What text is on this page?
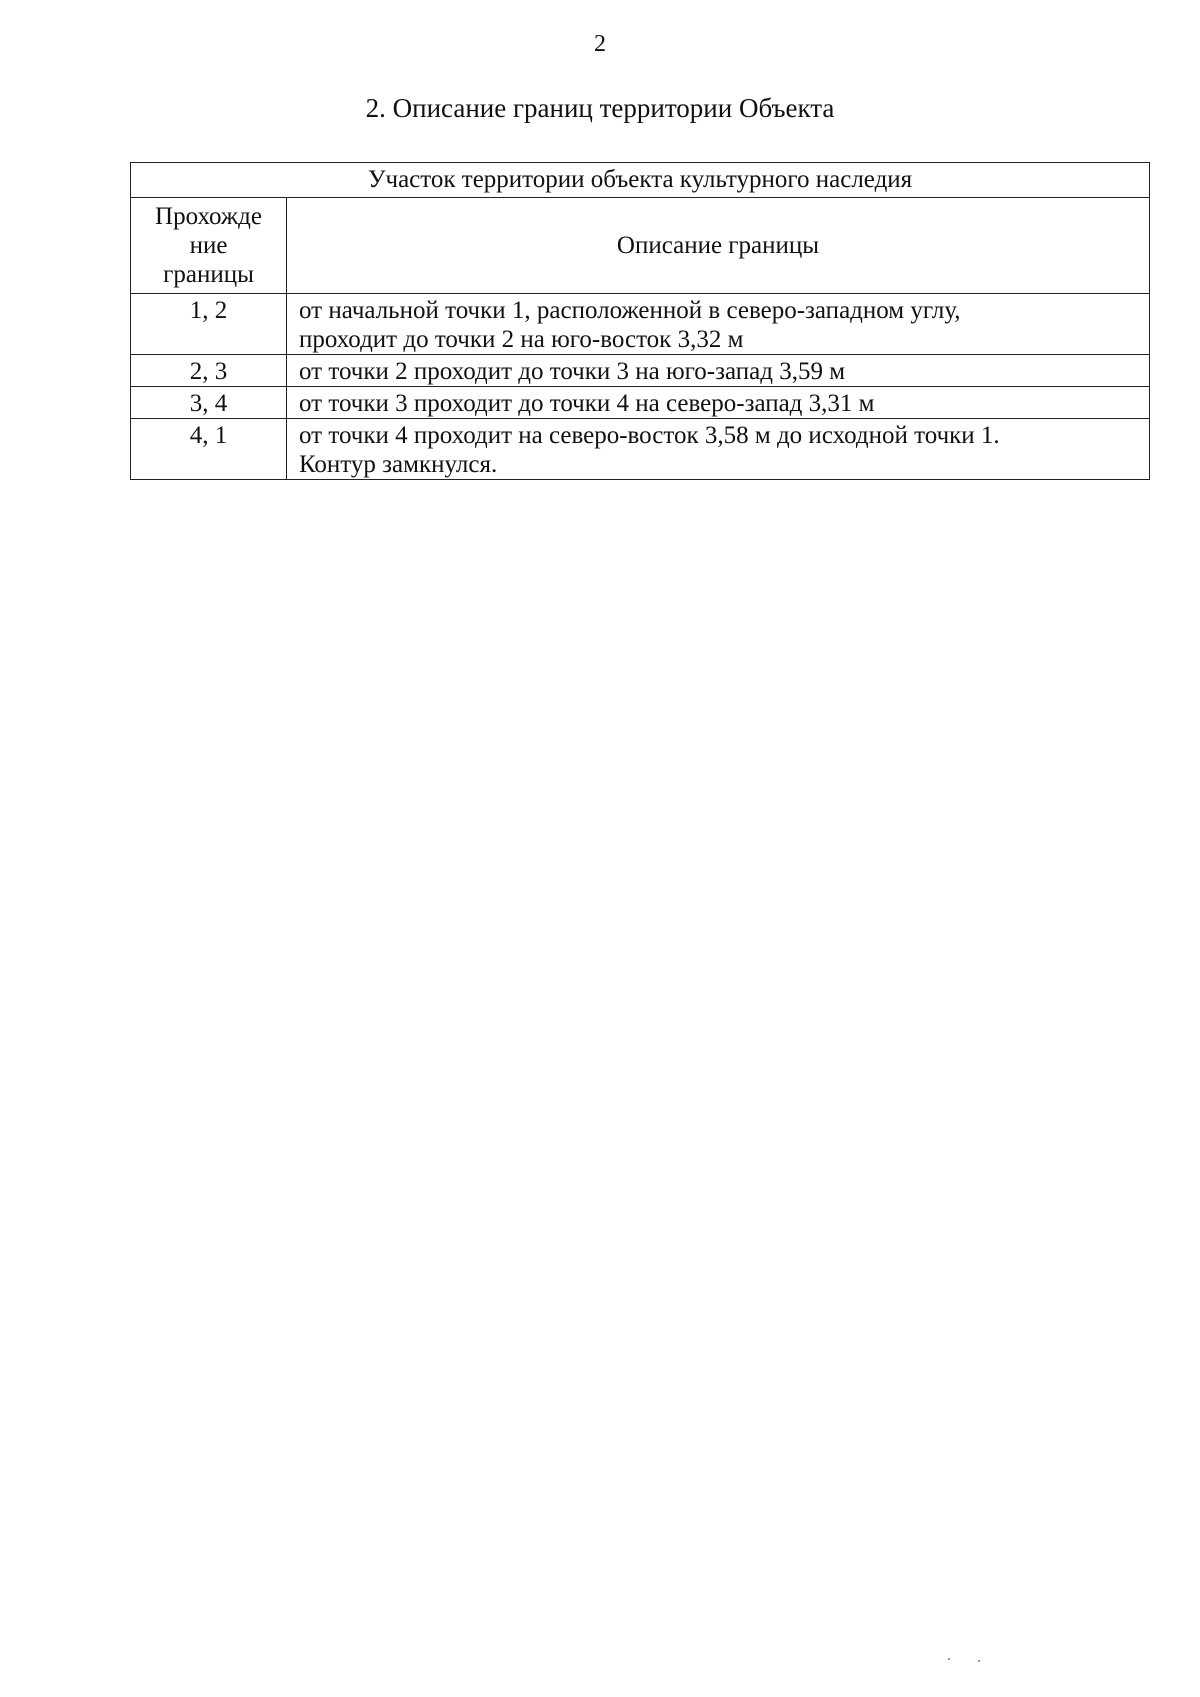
2
2. Описание границ территории Объекта
Участок территории объекта культурного наследия	

Прохожде
ние
границы	Описание границы
1, 2	от начальной точки 1, расположенной в северо-западном углу,
проходит до точки 2 на юго-восток 3,32 м

2, 3	от точки 2 проходит до точки 3 на юго-запад 3,59 м

3, 4	от точки 3 проходит до точки 4 на северо-запад 3,31 м

4, 1	от точки 4 проходит на северо-восток 3,58 м до исходной точки 1.
Контур замкнулся.
